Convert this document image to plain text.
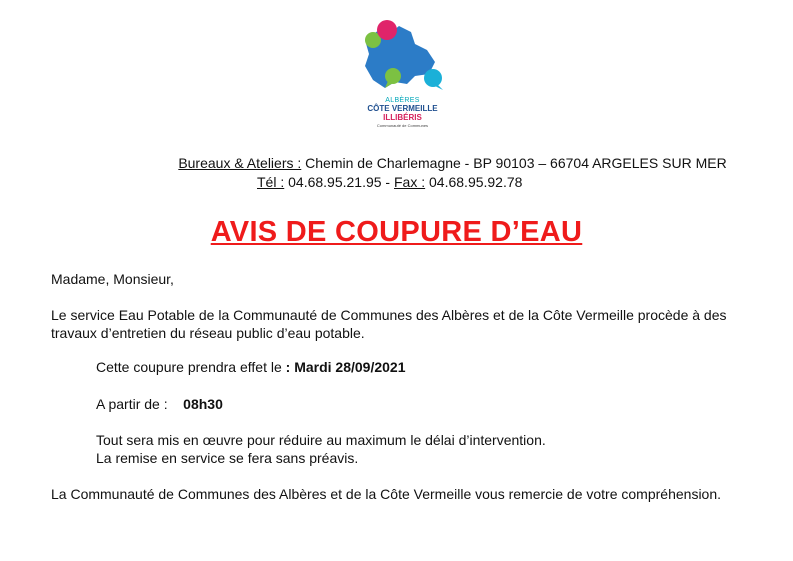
ALBÈRES
CÔTE VERMEILLE
ILLIBÉRIS
Communauté de Communes
Bureaux & Ateliers : Chemin de Charlemagne - BP 90103 – 66704 ARGELES SUR MER
Tél : 04.68.95.21.95 - Fax : 04.68.95.92.78
AVIS DE COUPURE D’EAU
Madame, Monsieur,
Le service Eau Potable de la Communauté de Communes des Albères et de la Côte Vermeille procède à des travaux d’entretien du réseau public d’eau potable.
Cette coupure prendra effet le : Mardi 28/09/2021
A partir de : 08h30
Tout sera mis en œuvre pour réduire au maximum le délai d’intervention.
La remise en service se fera sans préavis.
La Communauté de Communes des Albères et de la Côte Vermeille vous remercie de votre compréhension.
